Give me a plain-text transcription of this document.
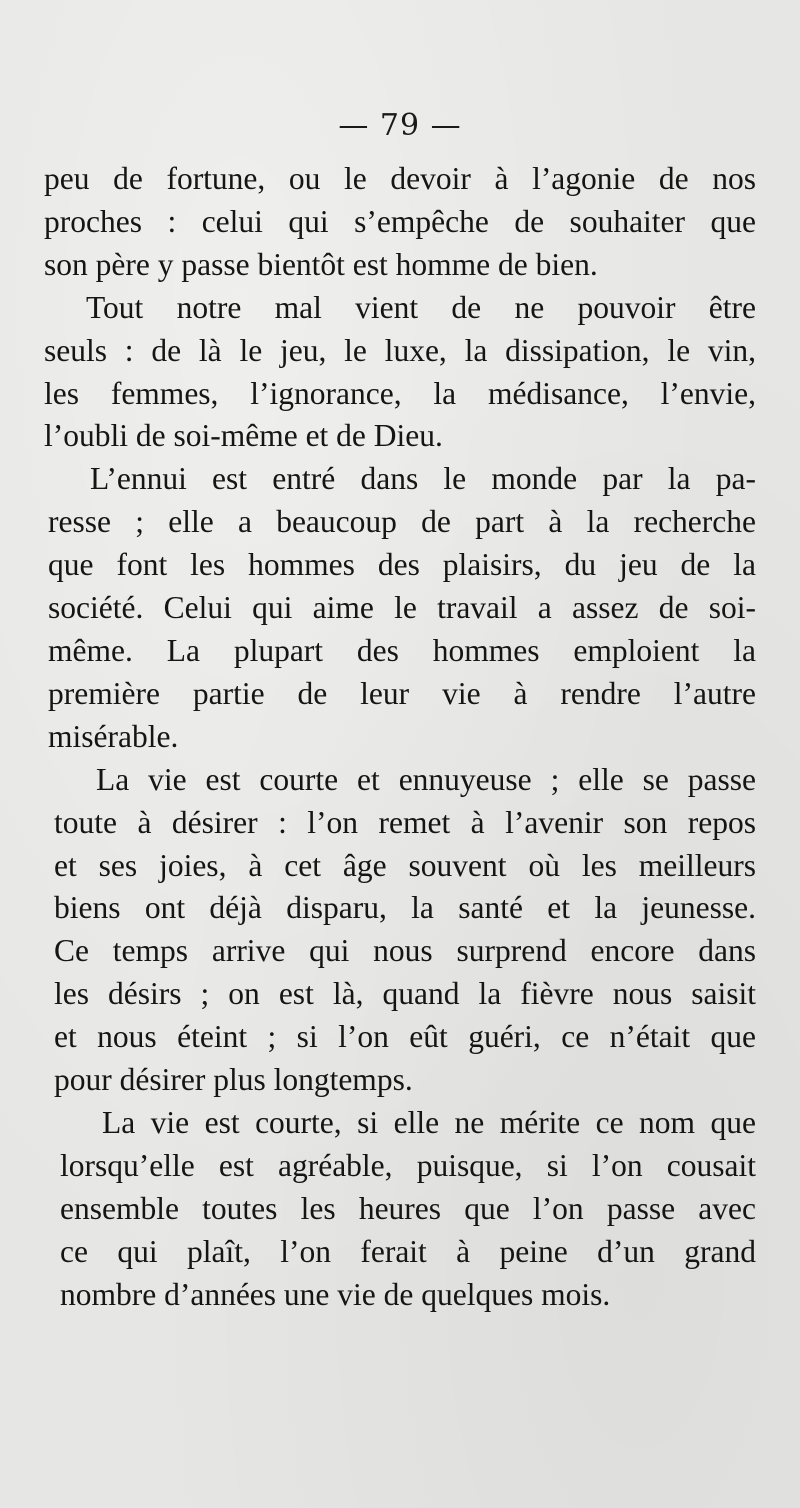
— 79 —
peu de fortune, ou le devoir à l’agonie de nos
proches : celui qui s’empêche de souhaiter que
son père y passe bientôt est homme de bien.
Tout notre mal vient de ne pouvoir être
seuls : de là le jeu, le luxe, la dissipation, le vin,
les femmes, l’ignorance, la médisance, l’envie,
l’oubli de soi-même et de Dieu.
L’ennui est entré dans le monde par la pa-
resse ; elle a beaucoup de part à la recherche
que font les hommes des plaisirs, du jeu de la
société. Celui qui aime le travail a assez de soi-
même. La plupart des hommes emploient la
première partie de leur vie à rendre l’autre
misérable.
La vie est courte et ennuyeuse ; elle se passe
toute à désirer : l’on remet à l’avenir son repos
et ses joies, à cet âge souvent où les meilleurs
biens ont déjà disparu, la santé et la jeunesse.
Ce temps arrive qui nous surprend encore dans
les désirs ; on est là, quand la fièvre nous saisit
et nous éteint ; si l’on eût guéri, ce n’était que
pour désirer plus longtemps.
La vie est courte, si elle ne mérite ce nom que
lorsqu’elle est agréable, puisque, si l’on cousait
ensemble toutes les heures que l’on passe avec
ce qui plaît, l’on ferait à peine d’un grand
nombre d’années une vie de quelques mois.
